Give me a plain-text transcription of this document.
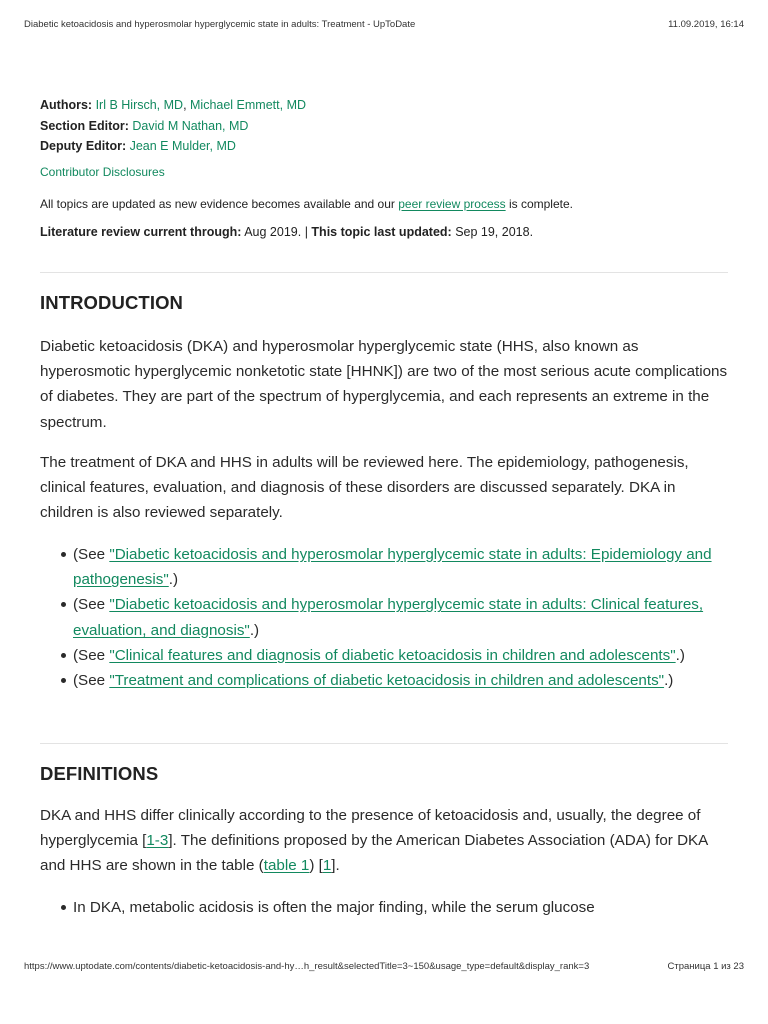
Diabetic ketoacidosis and hyperosmolar hyperglycemic state in adults: Treatment - UpToDate	11.09.2019, 16:14
Authors: Irl B Hirsch, MD, Michael Emmett, MD
Section Editor: David M Nathan, MD
Deputy Editor: Jean E Mulder, MD
Contributor Disclosures
All topics are updated as new evidence becomes available and our peer review process is complete.
Literature review current through: Aug 2019. | This topic last updated: Sep 19, 2018.
INTRODUCTION

Diabetic ketoacidosis (DKA) and hyperosmolar hyperglycemic state (HHS, also known as hyperosmotic hyperglycemic nonketotic state [HHNK]) are two of the most serious acute complications of diabetes. They are part of the spectrum of hyperglycemia, and each represents an extreme in the spectrum.

The treatment of DKA and HHS in adults will be reviewed here. The epidemiology, pathogenesis, clinical features, evaluation, and diagnosis of these disorders are discussed separately. DKA in children is also reviewed separately.

(See "Diabetic ketoacidosis and hyperosmolar hyperglycemic state in adults: Epidemiology and pathogenesis".)
(See "Diabetic ketoacidosis and hyperosmolar hyperglycemic state in adults: Clinical features, evaluation, and diagnosis".)
(See "Clinical features and diagnosis of diabetic ketoacidosis in children and adolescents".)
(See "Treatment and complications of diabetic ketoacidosis in children and adolescents".)
DEFINITIONS

DKA and HHS differ clinically according to the presence of ketoacidosis and, usually, the degree of hyperglycemia [1-3]. The definitions proposed by the American Diabetes Association (ADA) for DKA and HHS are shown in the table (table 1) [1].

In DKA, metabolic acidosis is often the major finding, while the serum glucose
https://www.uptodate.com/contents/diabetic-ketoacidosis-and-hy…h_result&selectedTitle=3~150&usage_type=default&display_rank=3	Страница 1 из 23
